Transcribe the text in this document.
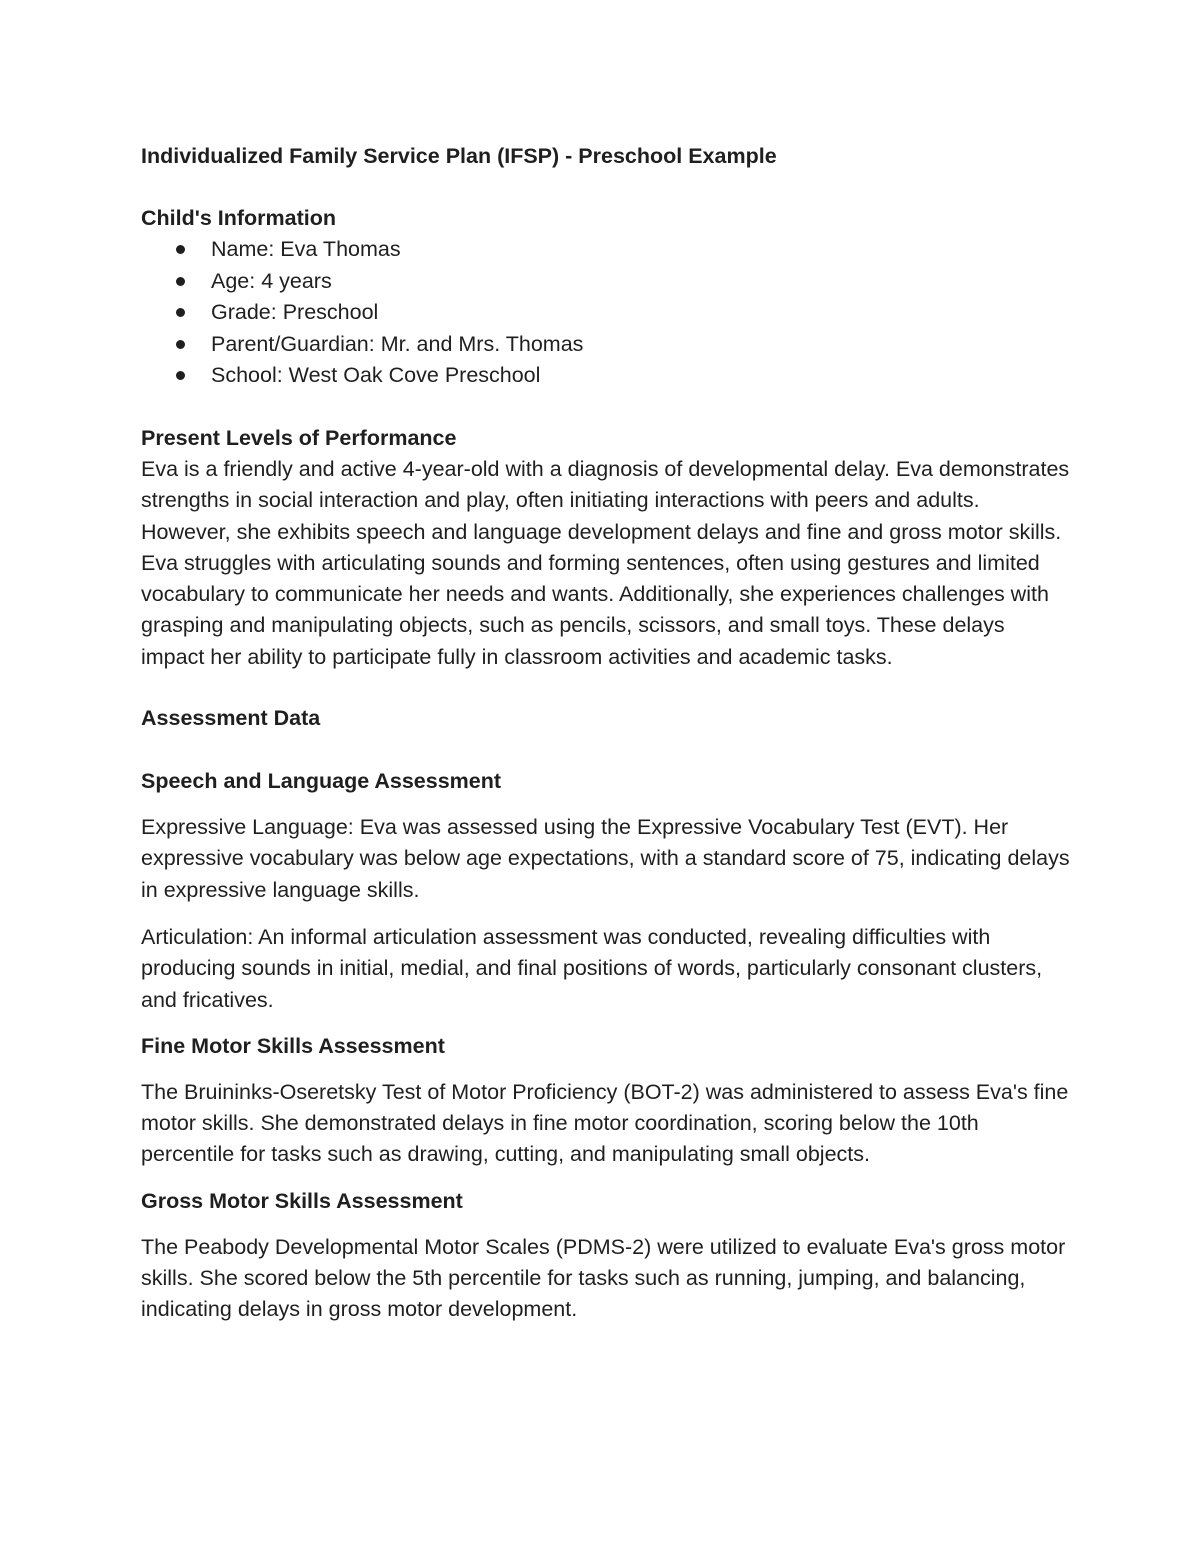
Individualized Family Service Plan (IFSP) - Preschool Example

Child's Information

Name: Eva Thomas
Age: 4 years
Grade: Preschool
Parent/Guardian: Mr. and Mrs. Thomas
School: West Oak Cove Preschool

Present Levels of Performance

Eva is a friendly and active 4-year-old with a diagnosis of developmental delay. Eva demonstrates strengths in social interaction and play, often initiating interactions with peers and adults. However, she exhibits speech and language development delays and fine and gross motor skills. Eva struggles with articulating sounds and forming sentences, often using gestures and limited vocabulary to communicate her needs and wants. Additionally, she experiences challenges with grasping and manipulating objects, such as pencils, scissors, and small toys. These delays impact her ability to participate fully in classroom activities and academic tasks.

Assessment Data

Speech and Language Assessment

Expressive Language: Eva was assessed using the Expressive Vocabulary Test (EVT). Her expressive vocabulary was below age expectations, with a standard score of 75, indicating delays in expressive language skills.

Articulation: An informal articulation assessment was conducted, revealing difficulties with producing sounds in initial, medial, and final positions of words, particularly consonant clusters, and fricatives.

Fine Motor Skills Assessment

The Bruininks-Oseretsky Test of Motor Proficiency (BOT-2) was administered to assess Eva's fine motor skills. She demonstrated delays in fine motor coordination, scoring below the 10th percentile for tasks such as drawing, cutting, and manipulating small objects.

Gross Motor Skills Assessment

The Peabody Developmental Motor Scales (PDMS-2) were utilized to evaluate Eva's gross motor skills. She scored below the 5th percentile for tasks such as running, jumping, and balancing, indicating delays in gross motor development.
